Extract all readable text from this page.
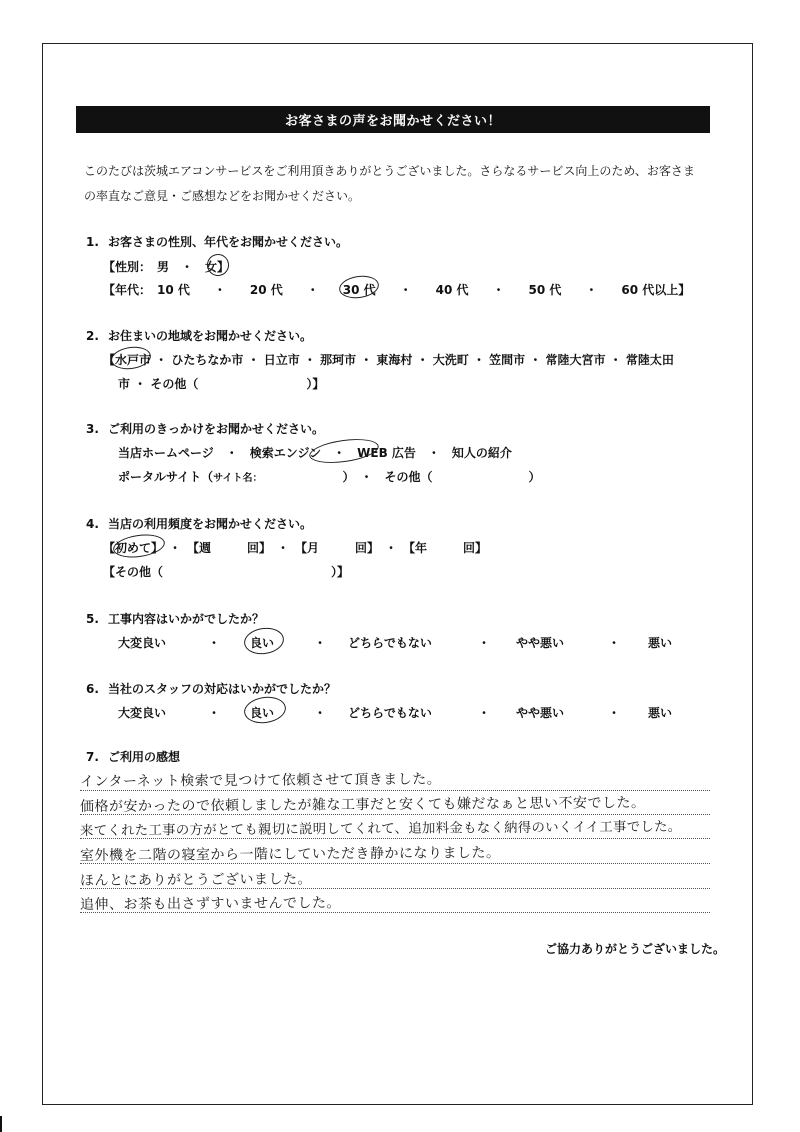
お客さまの声をお聞かせください！
このたびは茨城エアコンサービスをご利用頂きありがとうございました。さらなるサービス向上のため、お客さま
の率直なご意見・ご感想などをお聞かせください。
1. お客さまの性別、年代をお聞かせください。
【性別：　男　・　女】
【年代：　10 代　　・　　20 代　　・　　30 代　　・　　40 代　　・　　50 代　　・　　60 代以上】
2. お住まいの地域をお聞かせください。
【水戸市 ・ ひたちなか市 ・ 日立市 ・ 那珂市 ・ 東海村 ・ 大洗町 ・ 笠間市 ・ 常陸大宮市 ・ 常陸太田
市 ・ その他（　　　　　　　　　）】
3. ご利用のきっかけをお聞かせください。
当店ホームページ　・　検索エンジン　・　WEB 広告　・　知人の紹介
ポータルサイト（サイト名：	）　・　その他（　　　　　　　　）
4. 当店の利用頻度をお聞かせください。
【初めて】　・　【週　　　回】　・　【月　　　回】　・　【年　　　回】
【その他（　　　　　　　　　　　　　　）】
5. 工事内容はいかがでしたか？
大変良い	・ 良い	・ どちらでもない	・ やや悪い	・ 悪い
6. 当社のスタッフの対応はいかがでしたか？
大変良い	・ 良い	・ どちらでもない	・ やや悪い	・ 悪い
7. ご利用の感想
インターネット検索で見つけて依頼させて頂きました。
価格が安かったので依頼しましたが雑な工事だと安くても嫌だなぁと思い不安でした。
来てくれた工事の方がとても親切に説明してくれて、追加料金もなく納得のいくイイ工事でした。
室外機を二階の寝室から一階にしていただき静かになりました。
ほんとにありがとうございました。
追伸、お茶も出さずすいませんでした。
ご協力ありがとうございました。
